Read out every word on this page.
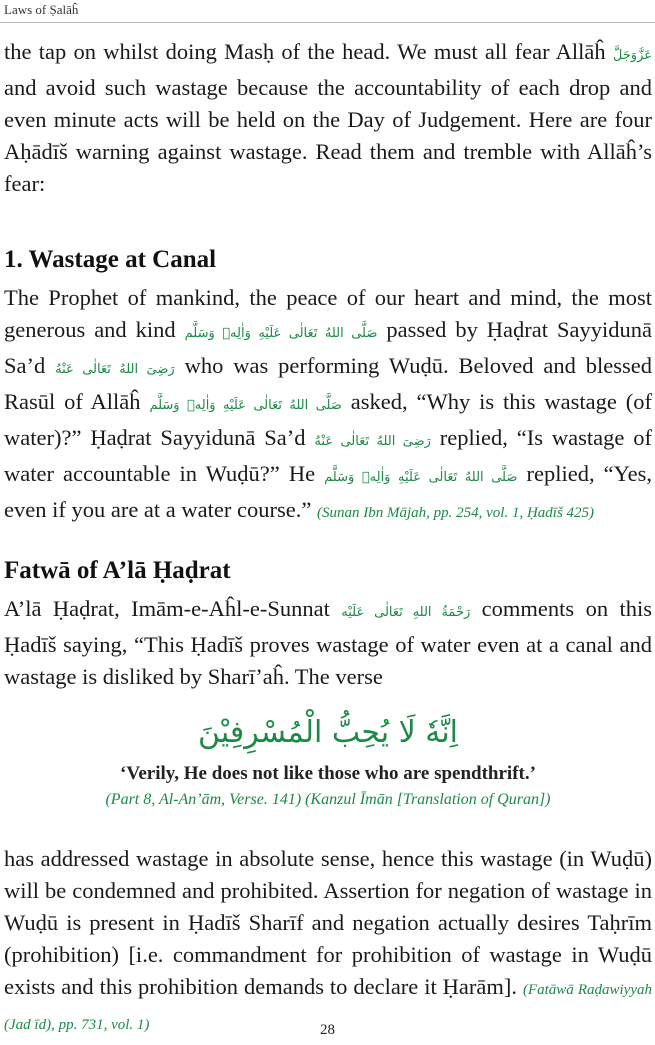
Laws of Ṣalāĥ

the tap on whilst doing Masḥ of the head. We must all fear Allāĥ عَزَّوَجَلَّ and avoid such wastage because the accountability of each drop and even minute acts will be held on the Day of Judgement. Here are four Aḥādīš warning against wastage. Read them and tremble with Allāĥ’s fear:

1. Wastage at Canal

The Prophet of mankind, the peace of our heart and mind, the most generous and kind صَلَّى اللهُ تَعَالٰى عَلَيْهِ وَاٰلِهٖ وَسَلَّم passed by Ḥaḍrat Sayyidunā Sa’d رَضِیَ اللهُ تَعَالٰی عَنْهُ who was performing Wuḍū. Beloved and blessed Rasūl of Allāĥ صَلَّى اللهُ تَعَالٰى عَلَيْهِ وَاٰلِهٖ وَسَلَّم asked, “Why is this wastage (of water)?” Ḥaḍrat Sayyidunā Sa’d رَضِیَ اللهُ تَعَالٰی عَنْهُ replied, “Is wastage of water accountable in Wuḍū?” He صَلَّى اللهُ تَعَالٰى عَلَيْهِ وَاٰلِهٖ وَسَلَّم replied, “Yes, even if you are at a water course.” (Sunan Ibn Mājah, pp. 254, vol. 1, Ḥadīš 425)

Fatwā of A’lā Ḥaḍrat

A’lā Ḥaḍrat, Imām-e-Aĥl-e-Sunnat رَحْمَةُ اللهِ تَعَالٰی عَلَيْه comments on this Ḥadīš saying, “This Ḥadīš proves wastage of water even at a canal and wastage is disliked by Sharī’aĥ. The verse

اِنَّهٗ لَا یُحِبُّ الْمُسْرِفِیْنَ
‘Verily, He does not like those who are spendthrift.’
(Part 8, Al-An’ām, Verse. 141) (Kanzul Īmān [Translation of Quran])

has addressed wastage in absolute sense, hence this wastage (in Wuḍū) will be condemned and prohibited. Assertion for negation of wastage in Wuḍū is present in Ḥadīš Sharīf and negation actually desires Taḥrīm (prohibition) [i.e. commandment for prohibition of wastage in Wuḍū exists and this prohibition demands to declare it Ḥarām]. (Fatāwā Raḍawiyyah (Jad īd), pp. 731, vol. 1)	28
